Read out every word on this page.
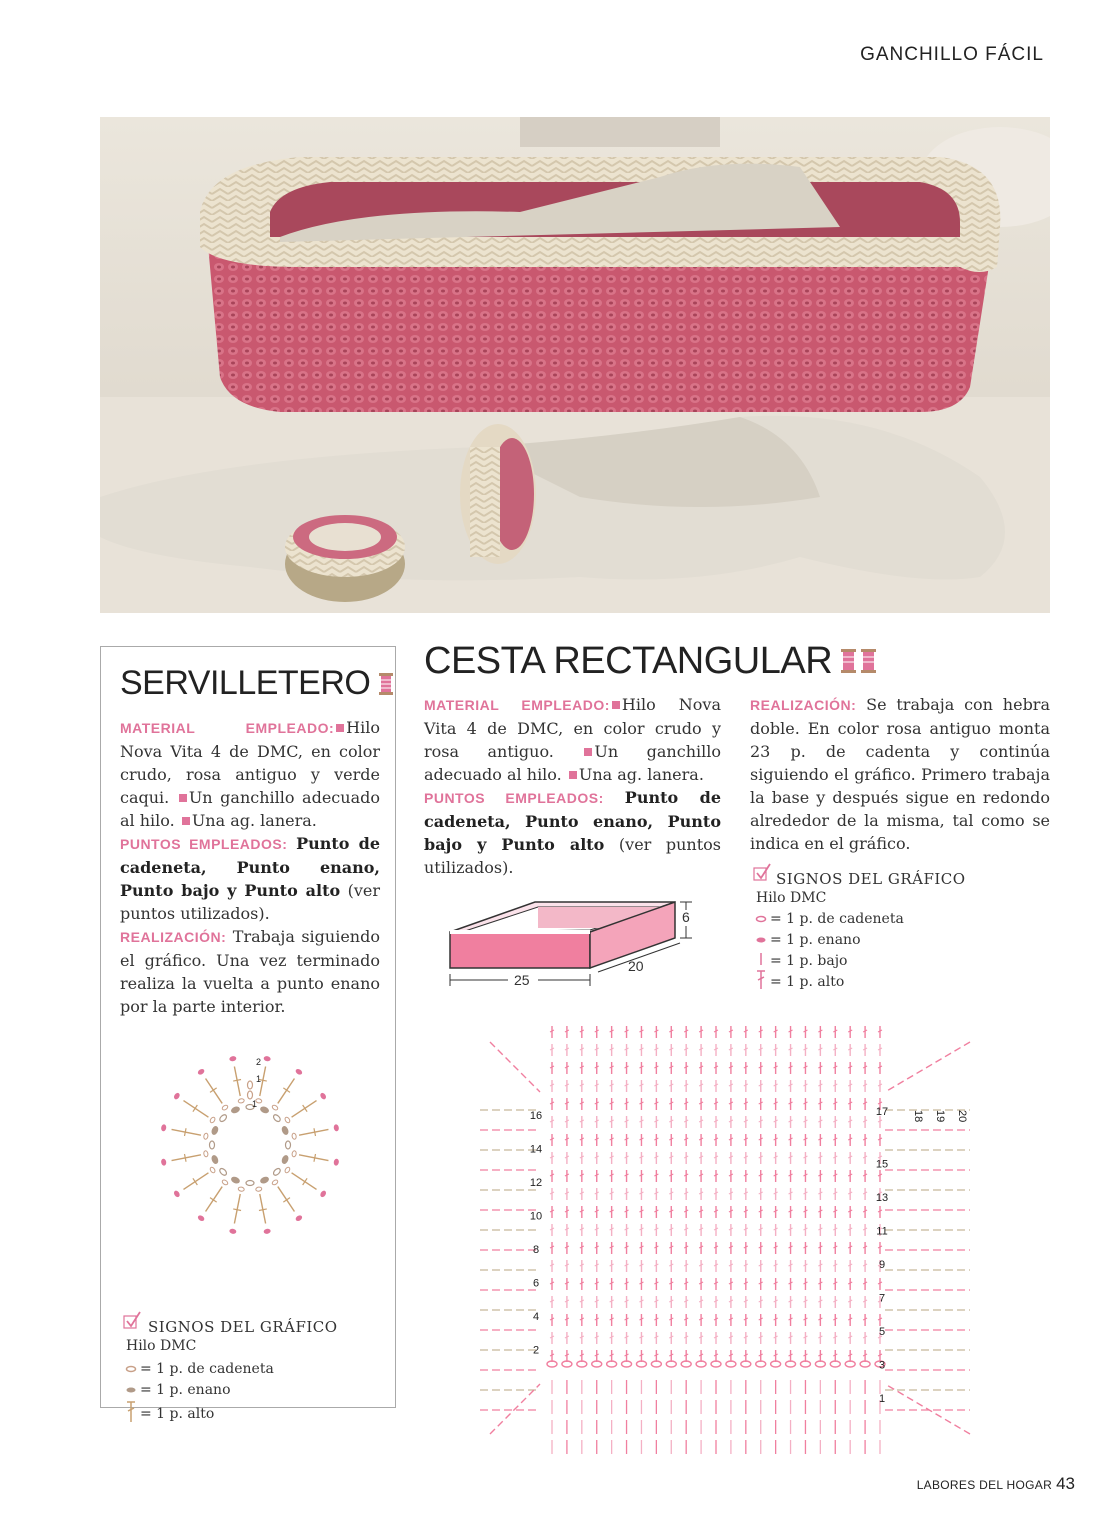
GANCHILLO FÁCIL
SERVILLETERO
MATERIAL EMPLEADO: Hilo Nova Vita 4 de DMC, en color crudo, rosa antiguo y verde caqui. Un ganchillo adecuado al hilo. Una ag. lanera.
PUNTOS EMPLEADOS: Punto de cadeneta, Punto enano, Punto bajo y Punto alto (ver puntos utilizados).
REALIZACIÓN: Trabaja siguiendo el gráfico. Una vez terminado realiza la vuelta a punto enano por la parte interior.
2
1
1
SIGNOS DEL GRÁFICO
Hilo DMC
= 1 p. de cadeneta
= 1 p. enano
= 1 p. alto
CESTA RECTANGULAR
MATERIAL EMPLEADO: Hilo Nova Vita 4 de DMC, en color crudo y rosa antiguo.	Un ganchillo adecuado al hilo. Una ag. lanera.
PUNTOS EMPLEADOS: Punto de cadeneta, Punto enano, Punto bajo y Punto alto (ver puntos utilizados).
REALIZACIÓN: Se trabaja con hebra doble. En color rosa antiguo monta 23 p. de cadenta y continúa siguiendo el gráfico. Primero trabaja la base y después sigue en redondo alrededor de la misma, tal como se indica en el gráfico.
SIGNOS DEL GRÁFICO
Hilo DMC
= 1 p. de cadeneta
= 1 p. enano
= 1 p. bajo
= 1 p. alto
25
20
6
16
14
12
10
8
6
4
2
17
15
13
11
9
7
5
3
1
18 19 20
LABORES DEL HOGAR 43
